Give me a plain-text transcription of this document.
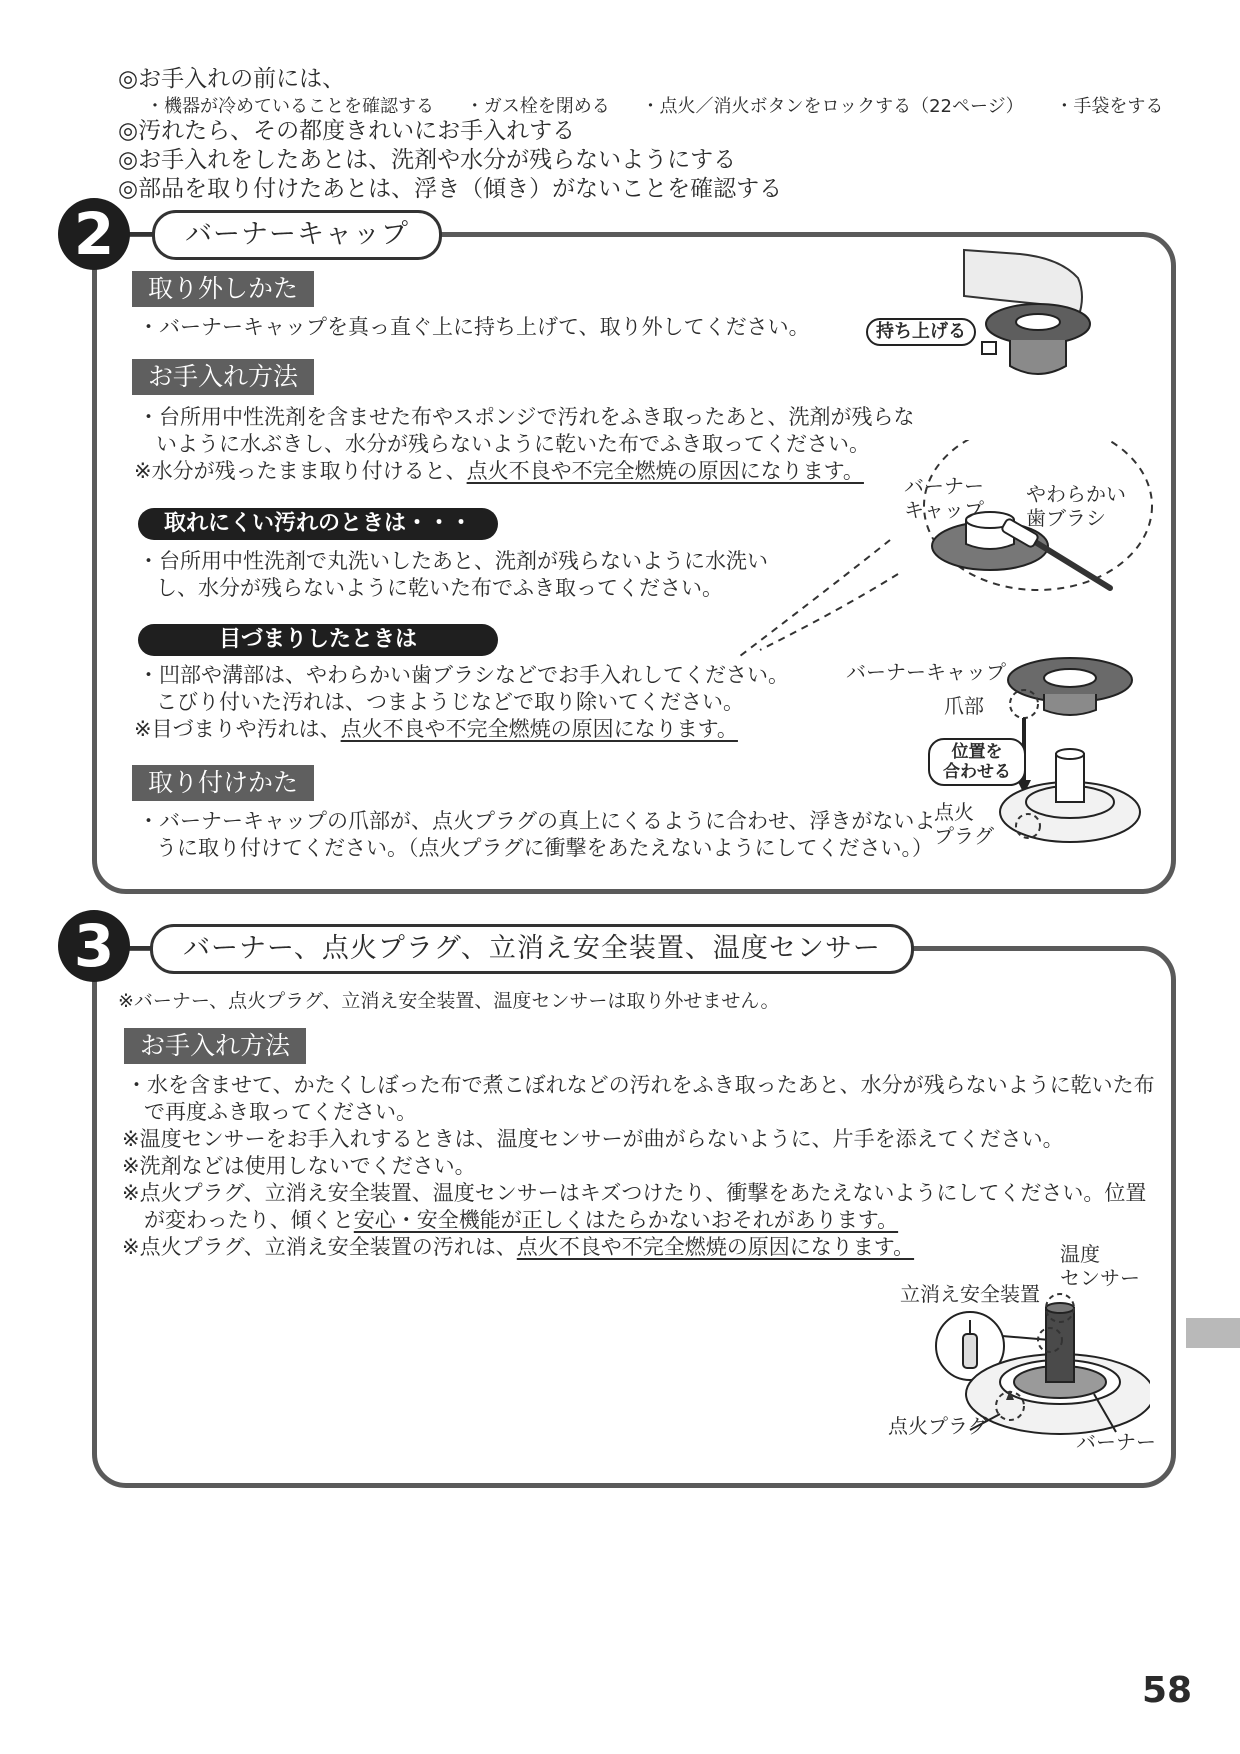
◎お手入れの前には、
・機器が冷めていることを確認する ・ガス栓を閉める ・点火／消火ボタンをロックする（22ページ） ・手袋をする
◎汚れたら、その都度きれいにお手入れする
◎お手入れをしたあとは、洗剤や水分が残らないようにする
◎部品を取り付けたあとは、浮き（傾き）がないことを確認する
2	バーナーキャップ
取り外しかた
・バーナーキャップを真っ直ぐ上に持ち上げて、取り外してください。
お手入れ方法
・台所用中性洗剤を含ませた布やスポンジで汚れをふき取ったあと、洗剤が残らな
いように水ぶきし、水分が残らないように乾いた布でふき取ってください。
※水分が残ったまま取り付けると、点火不良や不完全燃焼の原因になります。
取れにくい汚れのときは・・・
・台所用中性洗剤で丸洗いしたあと、洗剤が残らないように水洗い
し、水分が残らないように乾いた布でふき取ってください。
目づまりしたときは
・凹部や溝部は、やわらかい歯ブラシなどでお手入れしてください。
こびり付いた汚れは、つまようじなどで取り除いてください。
※目づまりや汚れは、点火不良や不完全燃焼の原因になります。
取り付けかた
・バーナーキャップの爪部が、点火プラグの真上にくるように合わせ、浮きがないよ
うに取り付けてください。（点火プラグに衝撃をあたえないようにしてください。）
持ち上げる
バーナー
キャップ
やわらかい
歯ブラシ
バーナーキャップ
爪部
位置を
合わせる
点火
プラグ
3	バーナー、点火プラグ、立消え安全装置、温度センサー
※バーナー、点火プラグ、立消え安全装置、温度センサーは取り外せません。
お手入れ方法
・水を含ませて、かたくしぼった布で煮こぼれなどの汚れをふき取ったあと、水分が残らないように乾いた布
で再度ふき取ってください。
※温度センサーをお手入れするときは、温度センサーが曲がらないように、片手を添えてください。
※洗剤などは使用しないでください。
※点火プラグ、立消え安全装置、温度センサーはキズつけたり、衝撃をあたえないようにしてください。位置
が変わったり、傾くと安心・安全機能が正しくはたらかないおそれがあります。
※点火プラグ、立消え安全装置の汚れは、点火不良や不完全燃焼の原因になります。	温度
センサー
立消え安全装置
点火プラグ
バーナー
58
